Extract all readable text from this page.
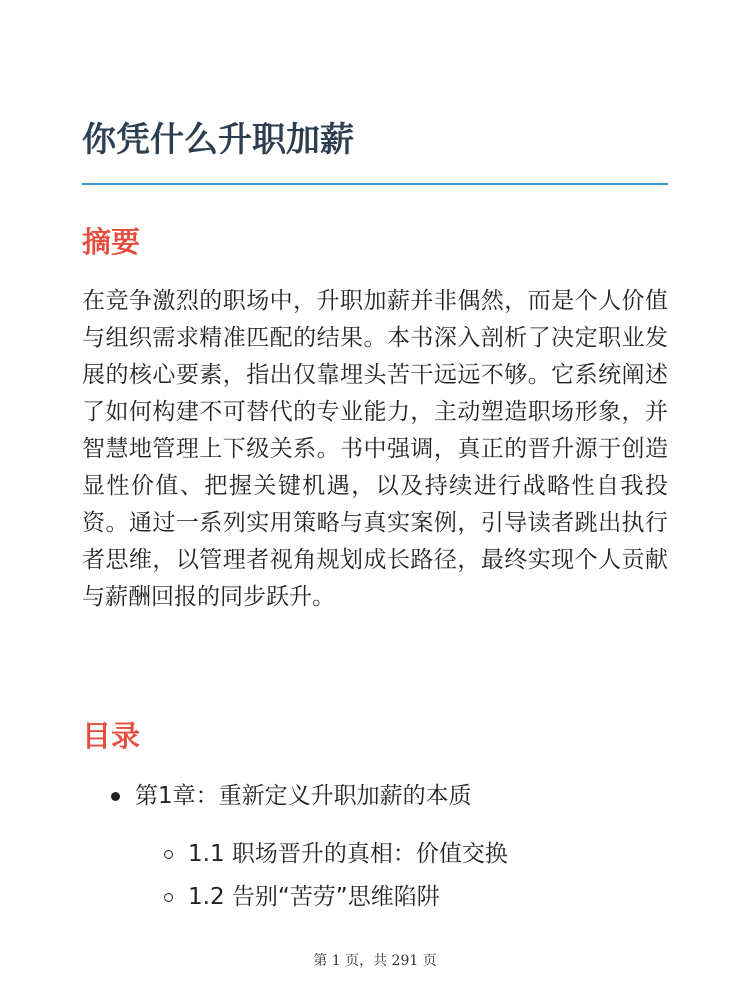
你凭什么升职加薪
摘要

在竞争激烈的职场中，升职加薪并非偶然，而是个人价值与组织需求精准匹配的结果。本书深入剖析了决定职业发展的核心要素，指出仅靠埋头苦干远远不够。它系统阐述了如何构建不可替代的专业能力，主动塑造职场形象，并智慧地管理上下级关系。书中强调，真正的晋升源于创造显性价值、把握关键机遇，以及持续进行战略性自我投资。通过一系列实用策略与真实案例，引导读者跳出执行者思维，以管理者视角规划成长路径，最终实现个人贡献与薪酬回报的同步跃升。

目录
第1章：重新定义升职加薪的本质
1.1 职场晋升的真相：价值交换
1.2 告别“苦劳”思维陷阱
第 1 页，共 291 页
